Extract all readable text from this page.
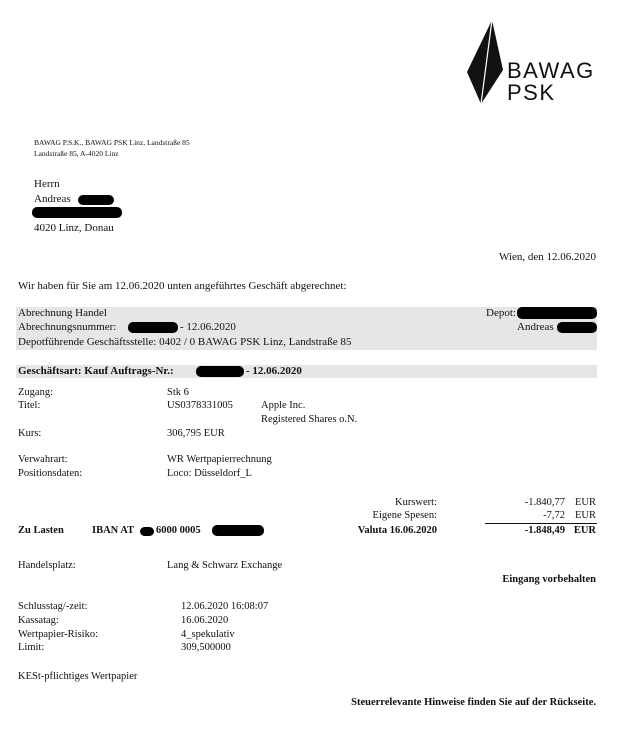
BAWAG
PSK
BAWAG P.S.K., BAWAG PSK Linz, Landstraße 85
Landstraße 85, A-4020 Linz
Herrn
Andreas
4020 Linz, Donau
Wien, den 12.06.2020
Wir haben für Sie am 12.06.2020 unten angeführtes Geschäft abgerechnet:
Abrechnung Handel	Depot:
Abrechnungsnummer:	- 12.06.2020	Andreas
Depotführende Geschäftsstelle: 0402 / 0 BAWAG PSK Linz, Landstraße 85
Geschäftsart: Kauf Auftrags-Nr.:	- 12.06.2020
Zugang:	Stk 6
Titel:	US0378331005	Apple Inc.
Registered Shares o.N.
Kurs:	306,795 EUR
Verwahrart:	WR Wertpapierrechnung
Positionsdaten:	Loco: Düsseldorf_L
Kurswert:	-1.840,77 EUR
Eigene Spesen:	-7,72 EUR
Zu Lasten	IBAN AT 6000 0005	Valuta 16.06.2020	-1.848,49 EUR
Handelsplatz:	Lang & Schwarz Exchange
Eingang vorbehalten
Schlusstag/-zeit:	12.06.2020 16:08:07
Kassatag:	16.06.2020
Wertpapier-Risiko:	4_spekulativ
Limit:	309,500000
KESt-pflichtiges Wertpapier
Steuerrelevante Hinweise finden Sie auf der Rückseite.
